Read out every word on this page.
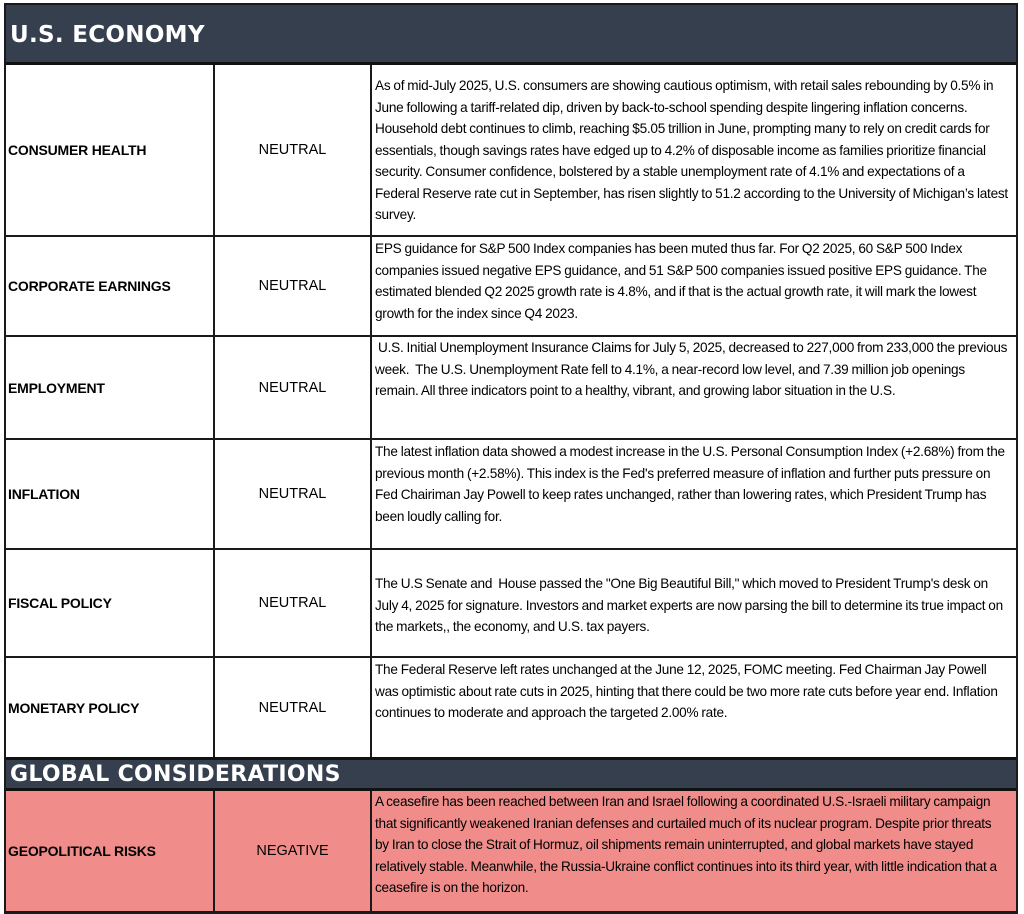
U.S. ECONOMY
CONSUMER HEALTH	NEUTRAL
As of mid-July 2025, U.S. consumers are showing cautious optimism, with retail sales rebounding by 0.5% in June following a tariff-related dip, driven by back-to-school spending despite lingering inflation concerns. Household debt continues to climb, reaching $5.05 trillion in June, prompting many to rely on credit cards for essentials, though savings rates have edged up to 4.2% of disposable income as families prioritize financial security. Consumer confidence, bolstered by a stable unemployment rate of 4.1% and expectations of a Federal Reserve rate cut in September, has risen slightly to 51.2 according to the University of Michigan’s latest survey.
CORPORATE EARNINGS	NEUTRAL
EPS guidance for S&P 500 Index companies has been muted thus far. For Q2 2025, 60 S&P 500 Index companies issued negative EPS guidance, and 51 S&P 500 companies issued positive EPS guidance. The estimated blended Q2 2025 growth rate is 4.8%, and if that is the actual growth rate, it will mark the lowest growth for the index since Q4 2023.
EMPLOYMENT	NEUTRAL
U.S. Initial Unemployment Insurance Claims for July 5, 2025, decreased to 227,000 from 233,000 the previous week.  The U.S. Unemployment Rate fell to 4.1%, a near-record low level, and 7.39 million job openings remain. All three indicators point to a healthy, vibrant, and growing labor situation in the U.S.
INFLATION	NEUTRAL
The latest inflation data showed a modest increase in the U.S. Personal Consumption Index (+2.68%) from the previous month (+2.58%). This index is the Fed's preferred measure of inflation and further puts pressure on Fed Chairiman Jay Powell to keep rates unchanged, rather than lowering rates, which President Trump has been loudly calling for.
FISCAL POLICY	NEUTRAL
The U.S Senate and  House passed the "One Big Beautiful Bill," which moved to President Trump's desk on July 4, 2025 for signature. Investors and market experts are now parsing the bill to determine its true impact on the markets,, the economy, and U.S. tax payers.
MONETARY POLICY	NEUTRAL
The Federal Reserve left rates unchanged at the June 12, 2025, FOMC meeting. Fed Chairman Jay Powell was optimistic about rate cuts in 2025, hinting that there could be two more rate cuts before year end. Inflation continues to moderate and approach the targeted 2.00% rate.
GLOBAL CONSIDERATIONS
GEOPOLITICAL RISKS	NEGATIVE
A ceasefire has been reached between Iran and Israel following a coordinated U.S.-Israeli military campaign that significantly weakened Iranian defenses and curtailed much of its nuclear program. Despite prior threats by Iran to close the Strait of Hormuz, oil shipments remain uninterrupted, and global markets have stayed relatively stable. Meanwhile, the Russia-Ukraine conflict continues into its third year, with little indication that a ceasefire is on the horizon.
